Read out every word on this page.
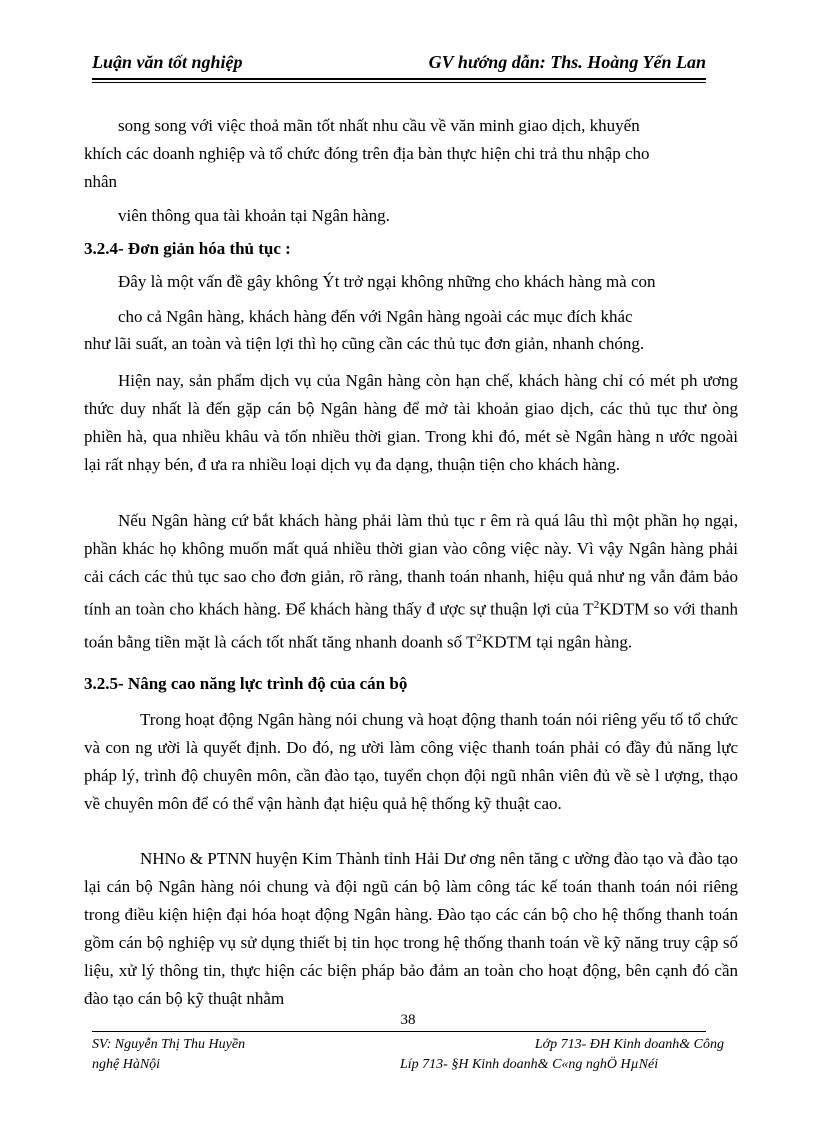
Luận văn tốt nghiệp	GV hướng dẫn: Ths. Hoàng Yến Lan
song song với việc thoả mãn tốt nhất nhu cầu về văn minh giao dịch, khuyến
khích các doanh nghiệp và tổ chức đóng trên địa bàn thực hiện chi trả thu nhập cho
nhân
viên thông qua tài khoản tại Ngân hàng.
3.2.4- Đơn giản hóa thủ tục :
Đây là một vấn đề gây không Ýt trở ngại không những cho khách hàng mà con
cho cả Ngân hàng, khách hàng đến với Ngân hàng ngoài các mục đích khác
như lãi suất, an toàn và tiện lợi thì họ cũng cần các thủ tục đơn giản, nhanh chóng.
Hiện nay, sản phẩm dịch vụ của Ngân hàng còn hạn chế, khách hàng chỉ có mét ph ương thức duy nhất là đến gặp cán bộ Ngân hàng để mở tài khoản giao dịch, các thủ tục thư òng phiền hà, qua nhiều khâu và tốn nhiều thời gian. Trong khi đó, mét sè Ngân hàng n ước ngoài lại rất nhạy bén, đ ưa ra nhiều loại dịch vụ đa dạng, thuận tiện cho khách hàng.
Nếu Ngân hàng cứ bắt khách hàng phải làm thủ tục r êm rà quá lâu thì một phần họ ngại, phần khác họ không muốn mất quá nhiều thời gian vào công việc này. Vì vậy Ngân hàng phải cải cách các thủ tục sao cho đơn giản, rõ ràng, thanh toán nhanh, hiệu quả như ng vẫn đảm bảo tính an toàn cho khách hàng. Để khách hàng thấy đ ược sự thuận lợi của $T^2KDTM$ so với thanh toán bằng tiền mặt là cách tốt nhất tăng nhanh doanh số $T^2KDTM$ tại ngân hàng.
3.2.5- Nâng cao năng lực trình độ của cán bộ
Trong hoạt động Ngân hàng nói chung và hoạt động thanh toán nói riêng yếu tố tổ chức và con ng ười là quyết định. Do đó, ng ười làm công việc thanh toán phải có đầy đủ năng lực pháp lý, trình độ chuyên môn, cần đào tạo, tuyển chọn đội ngũ nhân viên đủ về sè l ượng, thạo về chuyên môn để có thể vận hành đạt hiệu quả hệ thống kỹ thuật cao.
NHNo & PTNN huyện Kim Thành tỉnh Hải Dư ơng nên tăng c ường đào tạo và đào tạo lại cán bộ Ngân hàng nói chung và đội ngũ cán bộ làm công tác kế toán thanh toán nói riêng trong điều kiện hiện đại hóa hoạt động Ngân hàng. Đào tạo các cán bộ cho hệ thống thanh toán gồm cán bộ nghiệp vụ sử dụng thiết bị tin học trong hệ thống thanh toán về kỹ năng truy cập số liệu, xử lý thông tin, thực hiện các biện pháp bảo đảm an toàn cho hoạt động, bên cạnh đó cần đào tạo cán bộ kỹ thuật nhằm
38
SV: Nguyễn Thị Thu Huyền
nghệ HàNội
Lớp 713- ĐH Kinh doanh& Công
Líp 713- §H Kinh doanh& C«ng nghÖ HµNéi
